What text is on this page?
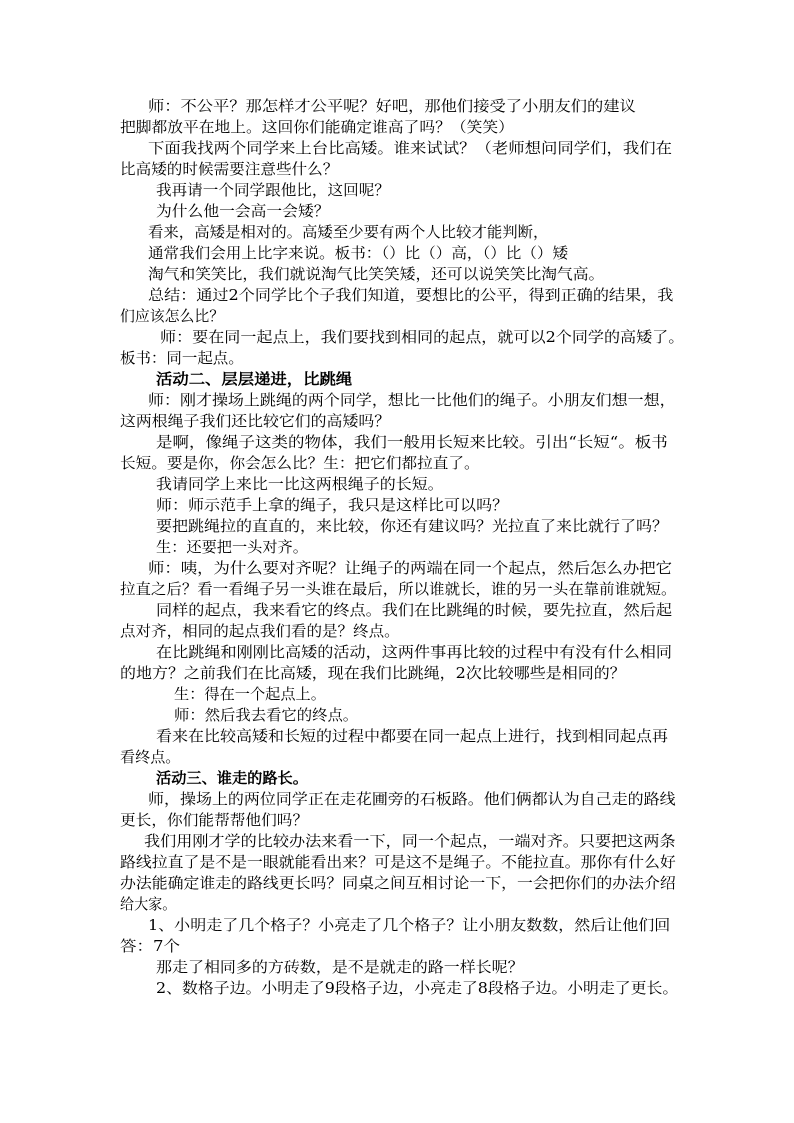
师：不公平？那怎样才公平呢？好吧，那他们接受了小朋友们的建议
把脚都放平在地上。这回你们能确定谁高了吗？（笑笑）
下面我找两个同学来上台比高矮。谁来试试？（老师想问同学们，我们在
比高矮的时候需要注意些什么？
我再请一个同学跟他比，这回呢？
为什么他一会高一会矮？
看来，高矮是相对的。高矮至少要有两个人比较才能判断，
通常我们会用上比字来说。板书：（）比（）高，（）比（）矮
淘气和笑笑比，我们就说淘气比笑笑矮，还可以说笑笑比淘气高。
总结：通过2个同学比个子我们知道，要想比的公平，得到正确的结果，我
们应该怎么比？
师：要在同一起点上，我们要找到相同的起点，就可以2个同学的高矮了。
板书：同一起点。
活动二、层层递进，比跳绳
师：刚才操场上跳绳的两个同学，想比一比他们的绳子。小朋友们想一想，
这两根绳子我们还比较它们的高矮吗？
是啊，像绳子这类的物体，我们一般用长短来比较。引出“长短“。板书
长短。要是你，你会怎么比？生：把它们都拉直了。
我请同学上来比一比这两根绳子的长短。
师：师示范手上拿的绳子，我只是这样比可以吗？
要把跳绳拉的直直的，来比较，你还有建议吗？光拉直了来比就行了吗？
生：还要把一头对齐。
师：咦，为什么要对齐呢？让绳子的两端在同一个起点，然后怎么办把它
拉直之后？看一看绳子另一头谁在最后，所以谁就长，谁的另一头在靠前谁就短。
同样的起点，我来看它的终点。我们在比跳绳的时候，要先拉直，然后起
点对齐，相同的起点我们看的是？终点。
在比跳绳和刚刚比高矮的活动，这两件事再比较的过程中有没有什么相同
的地方？之前我们在比高矮，现在我们比跳绳，2次比较哪些是相同的？
生：得在一个起点上。
师：然后我去看它的终点。
看来在比较高矮和长短的过程中都要在同一起点上进行，找到相同起点再
看终点。
活动三、谁走的路长。
师，操场上的两位同学正在走花圃旁的石板路。他们俩都认为自己走的路线
更长，你们能帮帮他们吗？
我们用刚才学的比较办法来看一下，同一个起点，一端对齐。只要把这两条
路线拉直了是不是一眼就能看出来？可是这不是绳子。不能拉直。那你有什么好
办法能确定谁走的路线更长吗？同桌之间互相讨论一下，一会把你们的办法介绍
给大家。
1、小明走了几个格子？小亮走了几个格子？让小朋友数数，然后让他们回
答：7个
那走了相同多的方砖数，是不是就走的路一样长呢？
2、数格子边。小明走了9段格子边，小亮走了8段格子边。小明走了更长。
